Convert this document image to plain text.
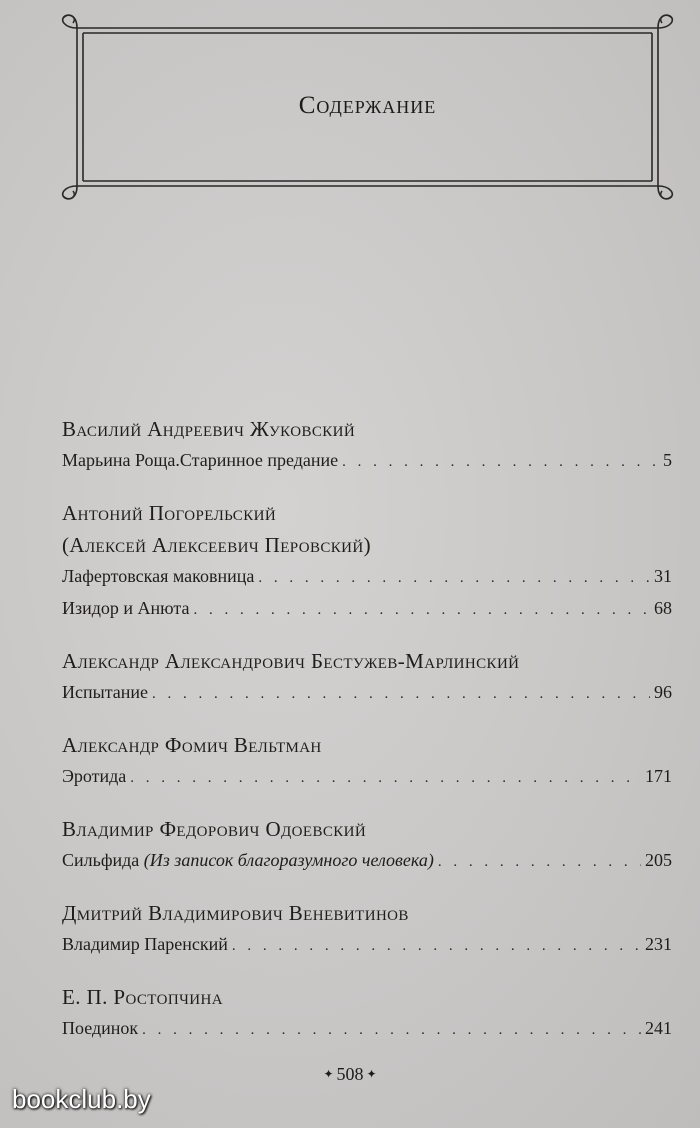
Содержание
Василий Андреевич Жуковский
Марьина Роща.Старинное предание . . .	5
Антоний Погорельский
(Алексей Алексеевич Перовский)
Лафертовская маковница . . .	31
Изидор и Анюта . . .	68
Александр Александрович Бестужев-Марлинский
Испытание . . .	96
Александр Фомич Вельтман
Эротида . . .	171
Владимир Федорович Одоевский
Сильфида (Из записок благоразумного человека) . . .	205
Дмитрий Владимирович Веневитинов
Владимир Паренский . . .	231
Е. П. Ростопчина
Поединок . . .	241
✦ 508 ✦
bookclub.by
